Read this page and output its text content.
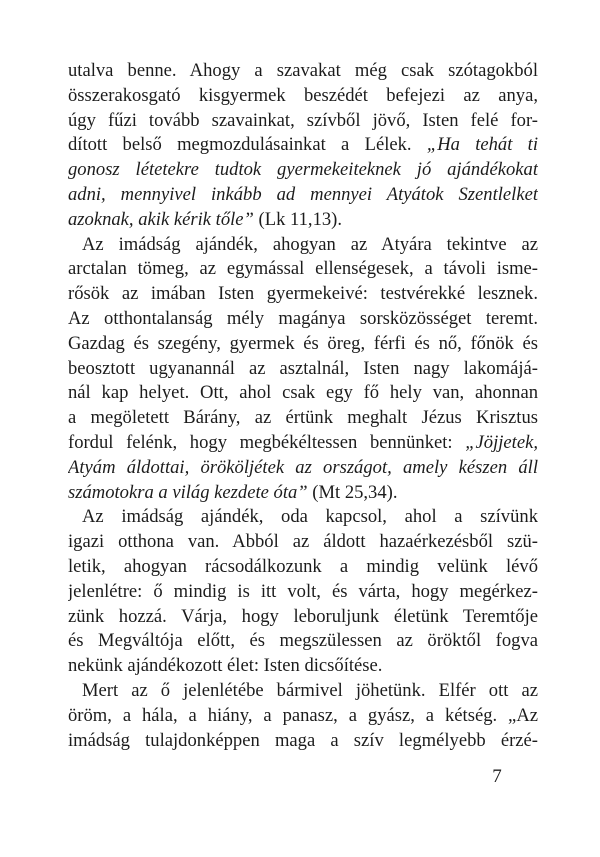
utalva benne. Ahogy a szavakat még csak szótagokból
összerakosgató kisgyermek beszédét befejezi az anya,
úgy fűzi tovább szavainkat, szívből jövő, Isten felé for-
dított belső megmozdulásainkat a Lélek. „Ha tehát ti
gonosz létetekre tudtok gyermekeiteknek jó ajándékokat
adni, mennyivel inkább ad mennyei Atyátok Szentlelket
azoknak, akik kérik tőle” (Lk 11,13).
Az imádság ajándék, ahogyan az Atyára tekintve az
arctalan tömeg, az egymással ellenségesek, a távoli isme-
rősök az imában Isten gyermekeivé: testvérekké lesznek.
Az otthontalanság mély magánya sorsközösséget teremt.
Gazdag és szegény, gyermek és öreg, férfi és nő, főnök és
beosztott ugyanannál az asztalnál, Isten nagy lakomájá-
nál kap helyet. Ott, ahol csak egy fő hely van, ahonnan
a megöletett Bárány, az értünk meghalt Jézus Krisztus
fordul felénk, hogy megbékéltessen bennünket: „Jöjjetek,
Atyám áldottai, örököljétek az országot, amely készen áll
számotokra a világ kezdete óta” (Mt 25,34).
Az imádság ajándék, oda kapcsol, ahol a szívünk
igazi otthona van. Abból az áldott hazaérkezésből szü-
letik, ahogyan rácsodálkozunk a mindig velünk lévő
jelenlétre: ő mindig is itt volt, és várta, hogy megérkez-
zünk hozzá. Várja, hogy leboruljunk életünk Teremtője
és Megváltója előtt, és megszülessen az öröktől fogva
nekünk ajándékozott élet: Isten dicsőítése.
Mert az ő jelenlétébe bármivel jöhetünk. Elfér ott az
öröm, a hála, a hiány, a panasz, a gyász, a kétség. „Az
imádság tulajdonképpen maga a szív legmélyebb érzé-
7
